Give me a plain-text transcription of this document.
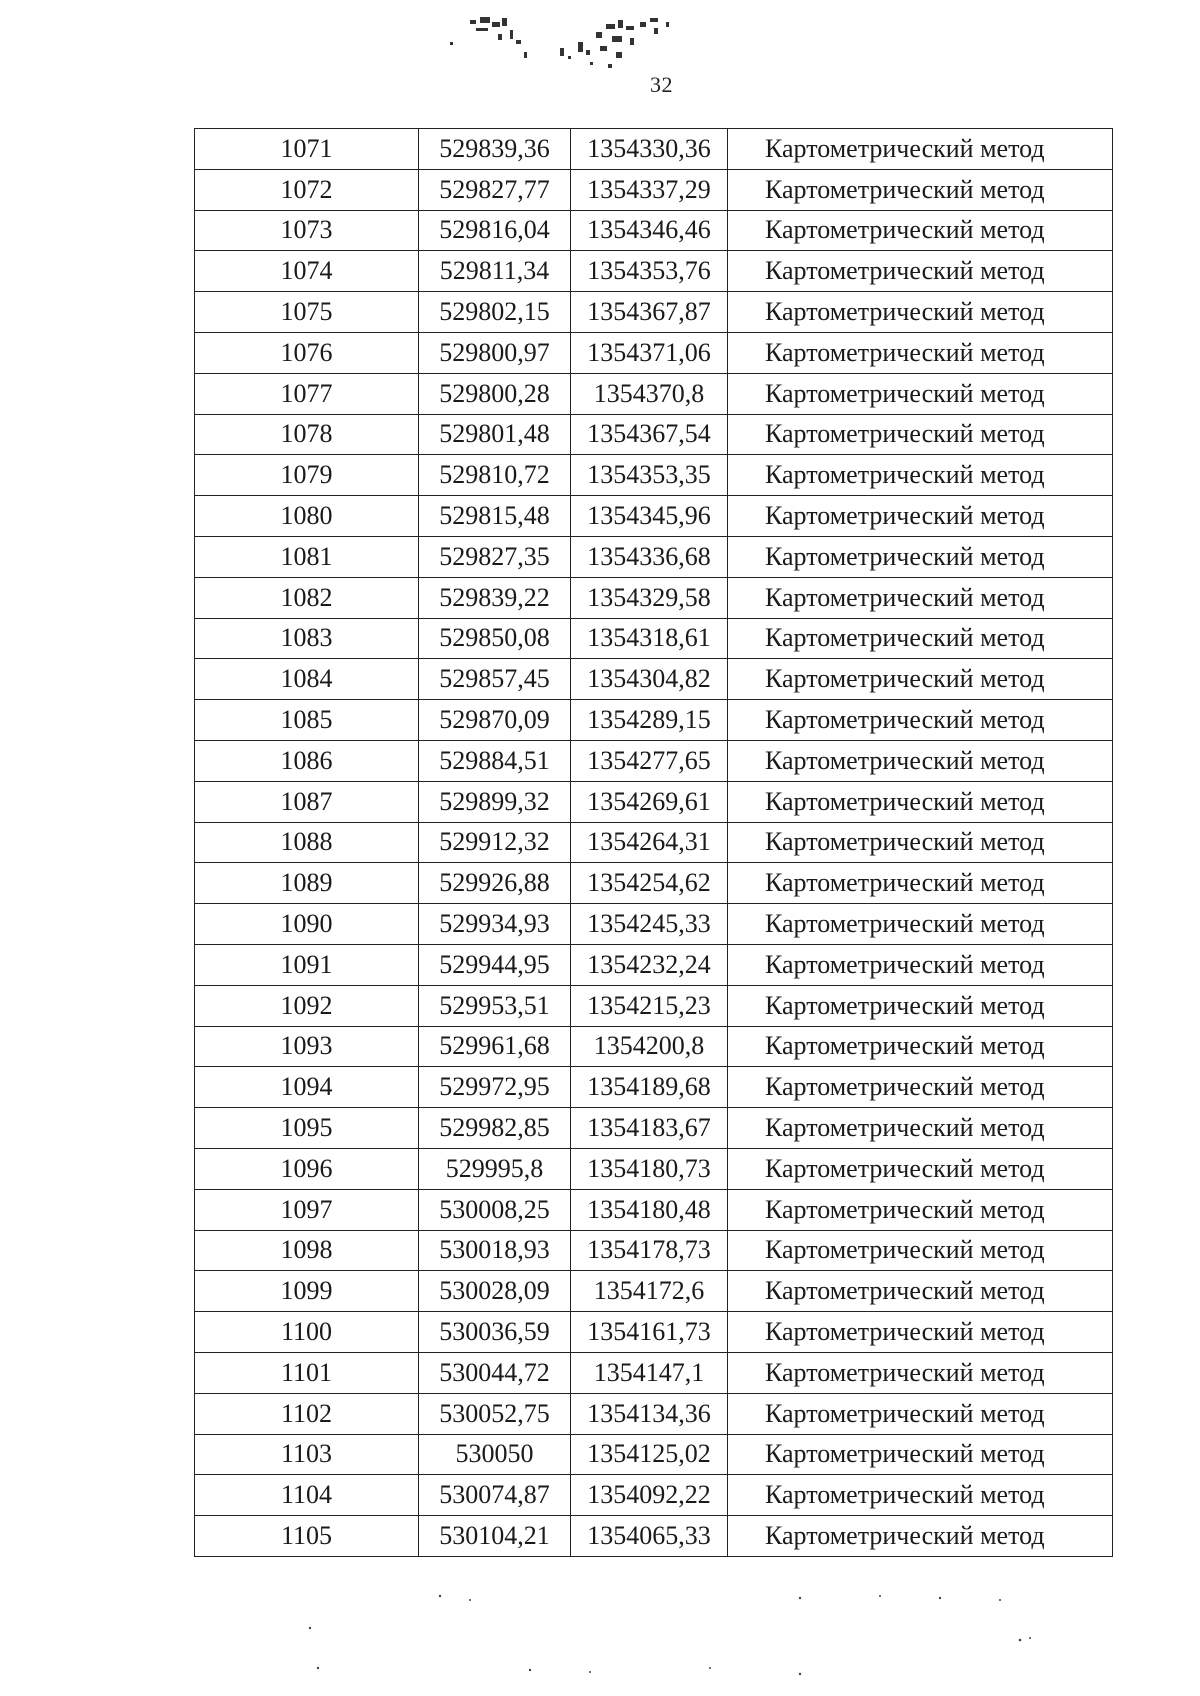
32
1071	529839,36	1354330,36	Картометрический метод
1072	529827,77	1354337,29	Картометрический метод
1073	529816,04	1354346,46	Картометрический метод
1074	529811,34	1354353,76	Картометрический метод
1075	529802,15	1354367,87	Картометрический метод
1076	529800,97	1354371,06	Картометрический метод
1077	529800,28	1354370,8	Картометрический метод
1078	529801,48	1354367,54	Картометрический метод
1079	529810,72	1354353,35	Картометрический метод
1080	529815,48	1354345,96	Картометрический метод
1081	529827,35	1354336,68	Картометрический метод
1082	529839,22	1354329,58	Картометрический метод
1083	529850,08	1354318,61	Картометрический метод
1084	529857,45	1354304,82	Картометрический метод
1085	529870,09	1354289,15	Картометрический метод
1086	529884,51	1354277,65	Картометрический метод
1087	529899,32	1354269,61	Картометрический метод
1088	529912,32	1354264,31	Картометрический метод
1089	529926,88	1354254,62	Картометрический метод
1090	529934,93	1354245,33	Картометрический метод
1091	529944,95	1354232,24	Картометрический метод
1092	529953,51	1354215,23	Картометрический метод
1093	529961,68	1354200,8	Картометрический метод
1094	529972,95	1354189,68	Картометрический метод
1095	529982,85	1354183,67	Картометрический метод
1096	529995,8	1354180,73	Картометрический метод
1097	530008,25	1354180,48	Картометрический метод
1098	530018,93	1354178,73	Картометрический метод
1099	530028,09	1354172,6	Картометрический метод
1100	530036,59	1354161,73	Картометрический метод
1101	530044,72	1354147,1	Картометрический метод
1102	530052,75	1354134,36	Картометрический метод
1103	530050	1354125,02	Картометрический метод
1104	530074,87	1354092,22	Картометрический метод
1105	530104,21	1354065,33	Картометрический метод
